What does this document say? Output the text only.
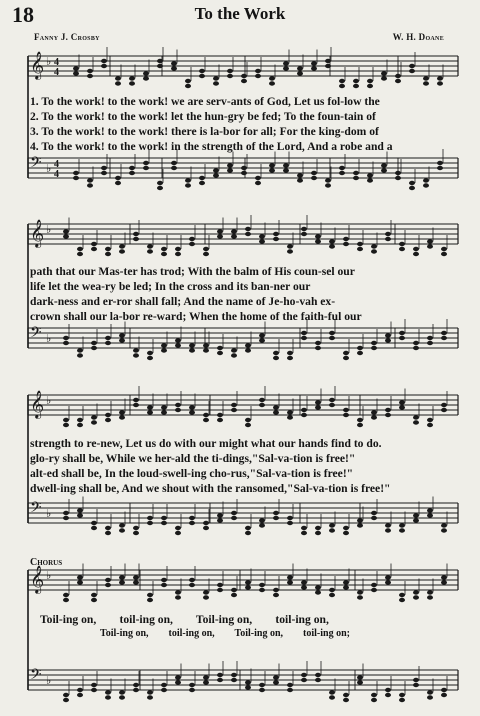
18	To the Work
Fanny J. Crosby	W. H. Doane
𝄞 ♭ 4
4
𝄢 ♭ 4
4
𝄞 ♭
𝄢 ♭
𝄞 ♭
𝄢 ♭
𝄞 ♭
𝄢 ♭
1. To the work! to the work! we are serv-ants of God, Let us fol-low the
2. To the work! to the work! let the hun-gry be fed; To the foun-tain of
3. To the work! to the work! there is la-bor for all; For the king-dom of
4. To the work! to the work! in the strength of the Lord, And a robe and a
path that our Mas-ter has trod; With the balm of His coun-sel our
life let the wea-ry be led; In the cross and its ban-ner our
dark-ness and er-ror shall fall; And the name of Je-ho-vah ex-
crown shall our la-bor re-ward; When the home of the faith-ful our
strength to re-new, Let us do with our might what our hands find to do.
glo-ry shall be, While we her-ald the ti-dings,"Sal-va-tion is free!"
alt-ed shall be, In the loud-swell-ing cho-rus,"Sal-va-tion is free!"
dwell-ing shall be, And we shout with the ransomed,"Sal-va-tion is free!"
Chorus
Toil-ing on,        toil-ing on,        Toil-ing on,        toil-ing on,
Toil-ing on,        toil-ing on,        Toil-ing on,        toil-ing on;
